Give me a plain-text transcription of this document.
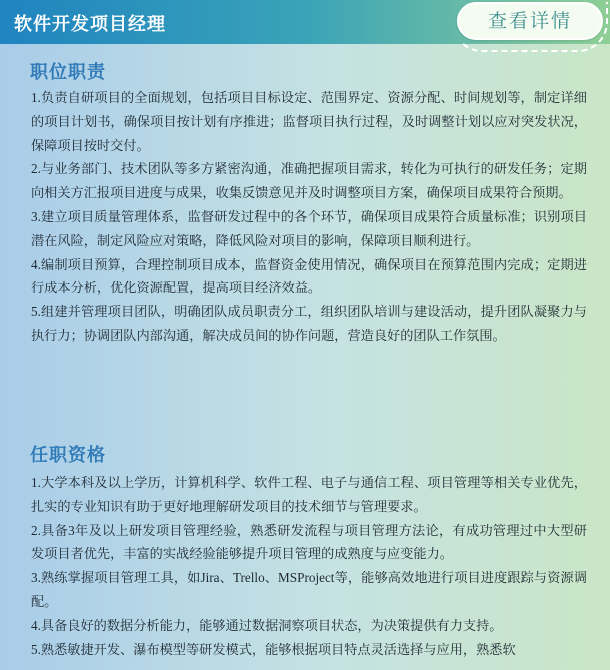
软件开发项目经理	查看详情
职位职责

1.负责自研项目的全面规划，包括项目目标设定、范围界定、资源分配、时间规划等，制定详细的项目计划书，确保项目按计划有序推进；监督项目执行过程，及时调整计划以应对突发状况，保障项目按时交付。

2.与业务部门、技术团队等多方紧密沟通，准确把握项目需求，转化为可执行的研发任务；定期向相关方汇报项目进度与成果，收集反馈意见并及时调整项目方案，确保项目成果符合预期。

3.建立项目质量管理体系，监督研发过程中的各个环节，确保项目成果符合质量标准；识别项目潜在风险，制定风险应对策略，降低风险对项目的影响，保障项目顺利进行。

4.编制项目预算，合理控制项目成本，监督资金使用情况，确保项目在预算范围内完成；定期进行成本分析，优化资源配置，提高项目经济效益。

5.组建并管理项目团队，明确团队成员职责分工，组织团队培训与建设活动，提升团队凝聚力与执行力；协调团队内部沟通，解决成员间的协作问题，营造良好的团队工作氛围。

任职资格

1.大学本科及以上学历，计算机科学、软件工程、电子与通信工程、项目管理等相关专业优先，扎实的专业知识有助于更好地理解研发项目的技术细节与管理要求。

2.具备3年及以上研发项目管理经验，熟悉研发流程与项目管理方法论，有成功管理过中大型研发项目者优先，丰富的实战经验能够提升项目管理的成熟度与应变能力。

3.熟练掌握项目管理工具，如Jira、Trello、MSProject等，能够高效地进行项目进度跟踪与资源调配。

4.具备良好的数据分析能力，能够通过数据洞察项目状态，为决策提供有力支持。

5.熟悉敏捷开发、瀑布模型等研发模式，能够根据项目特点灵活选择与应用，熟悉软
